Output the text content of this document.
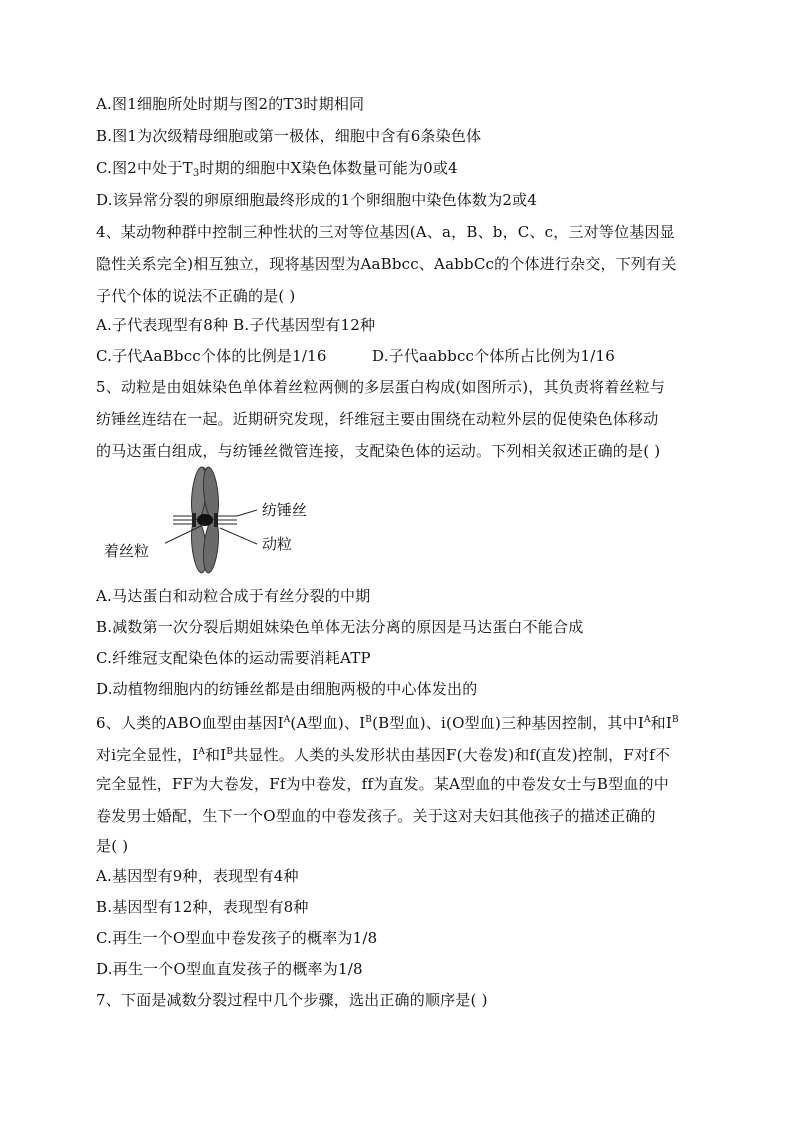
A.图1细胞所处时期与图2的T3时期相同
B.图1为次级精母细胞或第一极体，细胞中含有6条染色体
C.图2中处于$T_3$时期的细胞中X染色体数量可能为0或4
D.该异常分裂的卵原细胞最终形成的1个卵细胞中染色体数为2或4
4、某动物种群中控制三种性状的三对等位基因(A、a，B、b，C、c，三对等位基因显
隐性关系完全)相互独立，现将基因型为AaBbcc、AabbCc的个体进行杂交，下列有关
子代个体的说法不正确的是( )
A.子代表现型有8种 B.子代基因型有12种
C.子代AaBbcc个体的比例是1/16	D.子代aabbcc个体所占比例为1/16
5、动粒是由姐妹染色单体着丝粒两侧的多层蛋白构成(如图所示)，其负责将着丝粒与
纺锤丝连结在一起。近期研究发现，纤维冠主要由围绕在动粒外层的促使染色体移动
的马达蛋白组成，与纺锤丝微管连接，支配染色体的运动。下列相关叙述正确的是( )
纺锤丝
动粒
着丝粒
A.马达蛋白和动粒合成于有丝分裂的中期
B.减数第一次分裂后期姐妹染色单体无法分离的原因是马达蛋白不能合成
C.纤维冠支配染色体的运动需要消耗ATP
D.动植物细胞内的纺锤丝都是由细胞两极的中心体发出的
6、人类的ABO血型由基因$I^A(A$型血)、$I^B(B$型血)、i(O型血)三种基因控制，其中$I^A$和$I^B$
对i完全显性，$I^A$和$I^B$共显性。人类的头发形状由基因F(大卷发)和f(直发)控制，F对f不
完全显性，FF为大卷发，Ff为中卷发，ff为直发。某A型血的中卷发女士与B型血的中
卷发男士婚配，生下一个O型血的中卷发孩子。关于这对夫妇其他孩子的描述正确的
是( )
A.基因型有9种，表现型有4种
B.基因型有12种，表现型有8种
C.再生一个O型血中卷发孩子的概率为1/8
D.再生一个O型血直发孩子的概率为1/8
7、下面是减数分裂过程中几个步骤，选出正确的顺序是( )
